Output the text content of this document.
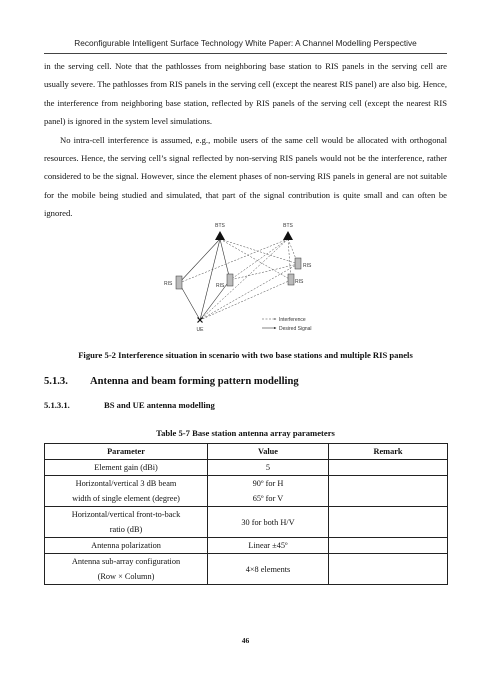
Reconfigurable Intelligent Surface Technology White Paper: A Channel Modelling Perspective

in the serving cell. Note that the pathlosses from neighboring base station to RIS panels in the serving cell are usually severe. The pathlosses from RIS panels in the serving cell (except the nearest RIS panel) are also big. Hence, the interference from neighboring base station, reflected by RIS panels of the serving cell (except the nearest RIS panel) is ignored in the system level simulations.

No intra-cell interference is assumed, e.g., mobile users of the same cell would be allocated with orthogonal resources. Hence, the serving cell’s signal reflected by non-serving RIS panels would not be the interference, rather considered to be the signal. However, since the element phases of non-serving RIS panels in general are not suitable for the mobile being studied and simulated, that part of the signal contribution is quite small and can often be ignored.

BTS	BTS
RIS	RIS
RIS
RIS
UE
Interference
Desired Signal
Figure 5-2 Interference situation in scenario with two base stations and multiple RIS panels
5.1.3. Antenna and beam forming pattern modelling
5.1.3.1.	BS and UE antenna modelling
Table 5-7 Base station antenna array parameters
Parameter	Value	Remark

Element gain (dBi)	5	

Horizontal/vertical 3 dB beam
width of single element (degree)	90º for H
65º for V	

Horizontal/vertical front-to-back
ratio (dB)	30 for both H/V	

Antenna polarization	Linear ±45º	

Antenna sub-array configuration
(Row × Column)	4×8 elements	

46
